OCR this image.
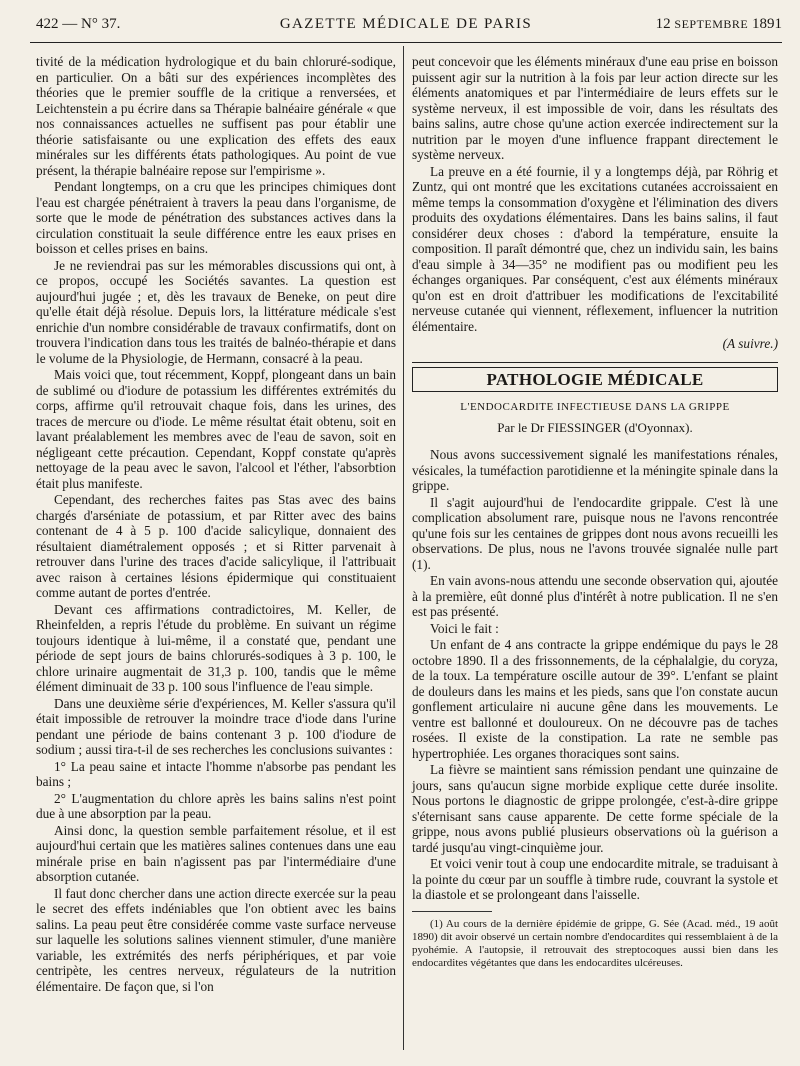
422 — N° 37.	GAZETTE MÉDICALE DE PARIS	12 SEPTEMBRE 1891

tivité de la médication hydrologique et du bain chloruré-sodique, en particulier. On a bâti sur des expériences incomplètes des théories que le premier souffle de la critique a renversées, et Leichtenstein a pu écrire dans sa Thérapie balnéaire générale « que nos connaissances actuelles ne suffisent pas pour établir une théorie satisfaisante ou une explication des effets des eaux minérales sur les différents états pathologiques. Au point de vue présent, la thérapie balnéaire repose sur l'empirisme ».

Pendant longtemps, on a cru que les principes chimiques dont l'eau est chargée pénétraient à travers la peau dans l'organisme, de sorte que le mode de pénétration des substances actives dans la circulation constituait la seule différence entre les eaux prises en boisson et celles prises en bains.

Je ne reviendrai pas sur les mémorables discussions qui ont, à ce propos, occupé les Sociétés savantes. La question est aujourd'hui jugée ; et, dès les travaux de Beneke, on peut dire qu'elle était déjà résolue. Depuis lors, la littérature médicale s'est enrichie d'un nombre considérable de travaux confirmatifs, dont on trouvera l'indication dans tous les traités de balnéo-thérapie et dans le volume de la Physiologie, de Hermann, consacré à la peau.

Mais voici que, tout récemment, Koppf, plongeant dans un bain de sublimé ou d'iodure de potassium les différentes extrémités du corps, affirme qu'il retrouvait chaque fois, dans les urines, des traces de mercure ou d'iode. Le même résultat était obtenu, soit en lavant préalablement les membres avec de l'eau de savon, soit en négligeant cette précaution. Cependant, Koppf constate qu'après nettoyage de la peau avec le savon, l'alcool et l'éther, l'absorbtion était plus manifeste.

Cependant, des recherches faites pas Stas avec des bains chargés d'arséniate de potassium, et par Ritter avec des bains contenant de 4 à 5 p. 100 d'acide salicylique, donnaient des résultaient diamétralement opposés ; et si Ritter parvenait à retrouver dans l'urine des traces d'acide salicylique, il l'attribuait avec raison à certaines lésions épidermique qui constituaient comme autant de portes d'entrée.

Devant ces affirmations contradictoires, M. Keller, de Rheinfelden, a repris l'étude du problème. En suivant un régime toujours identique à lui-même, il a constaté que, pendant une période de sept jours de bains chlorurés-sodiques à 3 p. 100, le chlore urinaire augmentait de 31,3 p. 100, tandis que le même élément diminuait de 33 p. 100 sous l'influence de l'eau simple.

Dans une deuxième série d'expériences, M. Keller s'assura qu'il était impossible de retrouver la moindre trace d'iode dans l'urine pendant une période de bains contenant 3 p. 100 d'iodure de sodium ; aussi tira-t-il de ses recherches les conclusions suivantes :

1° La peau saine et intacte l'homme n'absorbe pas pendant les bains ;

2° L'augmentation du chlore après les bains salins n'est point due à une absorption par la peau.

Ainsi donc, la question semble parfaitement résolue, et il est aujourd'hui certain que les matières salines contenues dans une eau minérale prise en bain n'agissent pas par l'intermédiaire d'une absorption cutanée.

Il faut donc chercher dans une action directe exercée sur la peau le secret des effets indéniables que l'on obtient avec les bains salins. La peau peut être considérée comme vaste surface nerveuse sur laquelle les solutions salines viennent stimuler, d'une manière variable, les extrémités des nerfs périphériques, et par voie centripète, les centres nerveux, régulateurs de la nutrition élémentaire. De façon que, si l'on

peut concevoir que les éléments minéraux d'une eau prise en boisson puissent agir sur la nutrition à la fois par leur action directe sur les éléments anatomiques et par l'intermédiaire de leurs effets sur le système nerveux, il est impossible de voir, dans les résultats des bains salins, autre chose qu'une action exercée indirectement sur la nutrition par le moyen d'une influence frappant directement le système nerveux.

La preuve en a été fournie, il y a longtemps déjà, par Röhrig et Zuntz, qui ont montré que les excitations cutanées accroissaient en même temps la consommation d'oxygène et l'élimination des divers produits des oxydations élémentaires. Dans les bains salins, il faut considérer deux choses : d'abord la température, ensuite la composition. Il paraît démontré que, chez un individu sain, les bains d'eau simple à 34—35° ne modifient pas ou modifient peu les échanges organiques. Par conséquent, c'est aux éléments minéraux qu'on est en droit d'attribuer les modifications de l'excitabilité nerveuse cutanée qui viennent, réflexement, influencer la nutrition élémentaire.

(A suivre.)
PATHOLOGIE MÉDICALE
L'ENDOCARDITE INFECTIEUSE DANS LA GRIPPE
Par le Dr FIESSINGER (d'Oyonnax).

Nous avons successivement signalé les manifestations rénales, vésicales, la tuméfaction parotidienne et la méningite spinale dans la grippe.

Il s'agit aujourd'hui de l'endocardite grippale. C'est là une complication absolument rare, puisque nous ne l'avons rencontrée qu'une fois sur les centaines de grippes dont nous avons recueilli les observations. De plus, nous ne l'avons trouvée signalée nulle part (1).

En vain avons-nous attendu une seconde observation qui, ajoutée à la première, eût donné plus d'intérêt à notre publication. Il ne s'en est pas présenté.

Voici le fait :

Un enfant de 4 ans contracte la grippe endémique du pays le 28 octobre 1890. Il a des frissonnements, de la céphalalgie, du coryza, de la toux. La température oscille autour de 39°. L'enfant se plaint de douleurs dans les mains et les pieds, sans que l'on constate aucun gonflement articulaire ni aucune gêne dans les mouvements. Le ventre est ballonné et douloureux. On ne découvre pas de taches rosées. Il existe de la constipation. La rate ne semble pas hypertrophiée. Les organes thoraciques sont sains.

La fièvre se maintient sans rémission pendant une quinzaine de jours, sans qu'aucun signe morbide explique cette durée insolite. Nous portons le diagnostic de grippe prolongée, c'est-à-dire grippe s'éternisant sans cause apparente. De cette forme spéciale de la grippe, nous avons publié plusieurs observations où la guérison a tardé jusqu'au vingt-cinquième jour.

Et voici venir tout à coup une endocardite mitrale, se traduisant à la pointe du cœur par un souffle à timbre rude, couvrant la systole et la diastole et se prolongeant dans l'aisselle.

(1) Au cours de la dernière épidémie de grippe, G. Sée (Acad. méd., 19 août 1890) dit avoir observé un certain nombre d'endocardites qui ressemblaient à de la pyohémie. A l'autopsie, il retrouvait des streptocoques aussi bien dans les endocardites végétantes que dans les endocardites ulcéreuses.
